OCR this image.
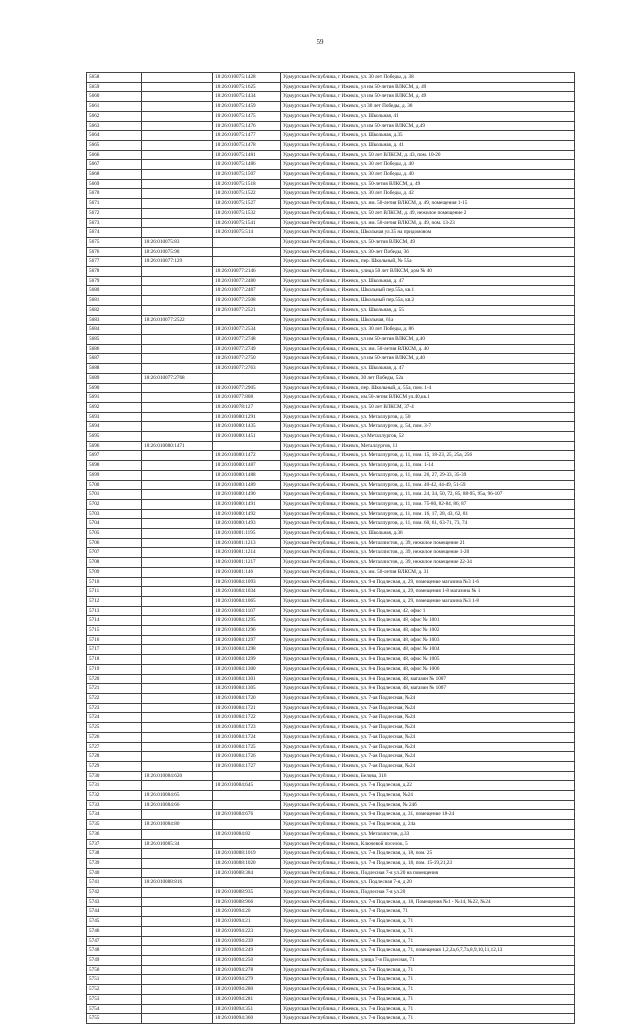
59
5658		18:26:010075:1428	Удмуртская Республика, г Ижевск, ул. 30 лет Победы, д. 38
5659		18:26:010075:1625	Удмуртская Республика, г Ижевск, ул им 50-летия ВЛКСМ, д. 49
5660		18:26:010075:1434	Удмуртская Республика, г Ижевск, ул им 50-летия ВЛКСМ, д. 49
5661		18:26:010075:1459	Удмуртская Республика, г Ижевск, ул 30 лет Победы, д. 38
5662		18:26:010075:1475	Удмуртская Республика, г Ижевск, ул. Школьная, 41
5663		18:26:010075:1476	Удмуртская Республика, г Ижевск, ул им 50-летия ВЛКСМ, д.49
5664		18:26:010075:1477	Удмуртская Республика, г Ижевск, ул. Школьная, д.35
5665		18:26:010075:1478	Удмуртская Республика, г Ижевск, ул. Школьная, д. 41
5666		18:26:010075:1481	Удмуртская Республика, г Ижевск, ул. 50 лет ВЛКСМ, д. 43, пом. 10-20
5667		18:26:010075:1486	Удмуртская Республика, г Ижевск, ул. 30 лет Победы, д. 40
5668		18:26:010075:1507	Удмуртская Республика, г Ижевск, ул. 30 лет Победы, д. 40
5669		18:26:010075:1518	Удмуртская Республика, г Ижевск, ул. 50-летия ВЛКСМ, д. 49
5670		18:26:010075:1522	Удмуртская Республика, г Ижевск, ул. 30 лет Победы, д. 42
5671		18:26:010075:1527	Удмуртская Республика, г Ижевск, ул. им. 50-летия ВЛКСМ, д. 49, помещения 1-15
5672		18:26:010075:1532	Удмуртская Республика, г Ижевск, ул. 50 лет ВЛКСМ, д. 49, нежилое помещение 2
5673		18:26:010075:1541	Удмуртская Республика, г Ижевск, ул. им. 50-летия ВЛКСМ, д. 49, пом. 13-23
5674		18:26:010075:514	Удмуртская Республика, г Ижевск, Школьная ул.35 на придомовом
5675	18:26:010075:83		Удмуртская Республика, г Ижевск, ул. 50-летия ВЛКСМ, 49
5676	18:26:010075:98		Удмуртская Республика, г Ижевск, ул. 30-лет Победы, 36
5677	18:26:010077:129		Удмуртская Республика, г Ижевск, пер. Школьный, № 55а
5678		18:26:010077:2146	Удмуртская Республика, г Ижевск, улица 50 лет ВЛКСМ, дом № 40
5679		18:26:010077:2480	Удмуртская Республика, г Ижевск, ул. Школьная, д. 47
5680		18:26:010077:2487	Удмуртская Республика, г Ижевск, Школьный пер.55а, кв.1
5681		18:26:010077:2508	Удмуртская Республика, г Ижевск, Школьный пер.55а, кв.2
5682		18:26:010077:2521	Удмуртская Республика, г Ижевск, ул. Школьная, д. 55
5683	18:26:010077:2522		Удмуртская Республика, г Ижевск, Школьная, 61а
5684		18:26:010077:2534	Удмуртская Республика, г Ижевск, ул. 30 лет Победы, д. 86
5685		18:26:010077:2748	Удмуртская Республика, г Ижевск, ул им 50-летия ВЛКСМ, д.40
5686		18:26:010077:2749	Удмуртская Республика, г Ижевск, ул. им. 50-летия ВЛКСМ, д. 40
5687		18:26:010077:2750	Удмуртская Республика, г Ижевск, ул им 50-летия ВЛКСМ, д.40
5688		18:26:010077:2763	Удмуртская Республика, г Ижевск, ул. Школьная, д. 47
5689	18:26:010077:2768		Удмуртская Республика, г Ижевск, 30 лет Победы, 52а
5690		18:26:010077:2905	Удмуртская Республика, г Ижевск, пер. Школьный, д. 55а, пом. 1-4
5691		18:26:010077:808	Удмуртская Республика, г Ижевск, им.50-летия ВЛКСМ ул.40,кв.1
5692		18:26:010078:127	Удмуртская Республика, г Ижевск, ул. 50 лет ВЛКСМ, 37-4
5693		18:26:010080:1291	Удмуртская Республика, г Ижевск, ул. Металлургов, д. 50
5694		18:26:010080:1435	Удмуртская Республика, г Ижевск, ул. Металлургов, д. 54, пом. 3-7
5695		18:26:010080:1451	Удмуртская Республика, г Ижевск, ул Металлургов, 52
5696	18:26:010080:1471		Удмуртская Республика, г Ижевск, Металлургов, 11
5697		18:26:010080:1472	Удмуртская Республика, г Ижевск, ул. Металлургов, д. 11, пом. 15, 18-23, 25, 25а, 256
5698		18:26:010080:1487	Удмуртская Республика, г Ижевск, ул. Металлургов, д. 11, пом. 1-14
5699		18:26:010080:1488	Удмуртская Республика, г Ижевск, ул. Металлургов, д. 11, пом. 26, 27, 29-33, 35-39
5700		18:26:010080:1489	Удмуртская Республика, г Ижевск, ул. Металлургов, д. 11, пом. 40-42, 44-49, 51-59
5701		18:26:010080:1490	Удмуртская Республика, г Ижевск, ул. Металлургов, д. 11, пом. 24, 34, 50, 72, 85, 88-95, 95а, 96-107
5702		18:26:010080:1491	Удмуртская Республика, г Ижевск, ул. Металлургов, д. 11, пом. 75-80, 82-84, 86, 87
5703		18:26:010080:1492	Удмуртская Республика, г Ижевск, ул. Металлургов, д. 11, пом. 16, 17, 28, 43, 62, 81
5704		18:26:010080:1493	Удмуртская Республика, г Ижевск, ул. Металлургов, д. 11, пом. 60, 61, 63-71, 73, 74
5705		18:26:010081:1195	Удмуртская Республика, г Ижевск, ул. Школьная, д.36
5706		18:26:010081:1213	Удмуртская Республика, г Ижевск, ул. Металлистов, д. 39, нежилое помещение 21
5707		18:26:010081:1214	Удмуртская Республика, г Ижевск, ул. Металлистов, д. 39, нежилое помещение 1-20
5708		18:26:010081:1217	Удмуртская Республика, г Ижевск, ул. Металлистов, д. 39, нежилое помещение 22-34
5709		18:26:010081:146	Удмуртская Республика, г Ижевск, ул. им. 50-летия ВЛКСМ, д. 31
5710		18:26:010084:1093	Удмуртская Республика, г Ижевск, ул. 9-я Подлесная, д. 29, помещение магазина №3 1-6
5711		18:26:010084:1034	Удмуртская Республика, г Ижевск, ул. 9-я Подлесная, д. 29, помещения 1-8 магазина № 1
5712		18:26:010084:1065	Удмуртская Республика, г Ижевск, ул. 9-я Подлесная, д. 29, помещение магазина №3 1-8
5713		18:26:010084:1107	Удмуртская Республика, г Ижевск, ул. 8-я Подлесная, 42, офис 1
5714		18:26:010084:1295	Удмуртская Республика, г Ижевск, ул. 8-я Подлесная, 48, офис № 1001
5715		18:26:010084:1296	Удмуртская Республика, г Ижевск, ул. 8-я Подлесная, 48, офис № 1002
5716		18:26:010084:1297	Удмуртская Республика, г Ижевск, ул. 8-я Подлесная, 48, офис № 1003
5717		18:26:010084:1298	Удмуртская Республика, г Ижевск, ул. 8-я Подлесная, 48, офис № 1004
5718		18:26:010084:1299	Удмуртская Республика, г Ижевск, ул. 8-я Подлесная, 48, офис № 1005
5719		18:26:010084:1300	Удмуртская Республика, г Ижевск, ул. 8-я Подлесная, 48, офис № 1006
5720		18:26:010084:1301	Удмуртская Республика, г Ижевск, ул. 8-я Подлесная, 48, магазин № 1007
5721		18:26:010084:1305	Удмуртская Республика, г Ижевск, ул. 8-я Подлесная, 48, магазин № 1007
5722		18:26:010084:1720	Удмуртская Республика, г Ижевск, ул. 7-ая Подлесная, №24
5723		18:26:010084:1721	Удмуртская Республика, г Ижевск, ул. 7-ая Подлесная, №24
5724		18:26:010084:1722	Удмуртская Республика, г Ижевск, ул. 7-ая Подлесная, №24
5725		18:26:010084:1723	Удмуртская Республика, г Ижевск, ул. 7-ая Подлесная, №24
5726		18:26:010084:1724	Удмуртская Республика, г Ижевск, ул. 7-ая Подлесная, №24
5727		18:26:010084:1725	Удмуртская Республика, г Ижевск, ул. 7-ая Подлесная, №24
5728		18:26:010084:1726	Удмуртская Республика, г Ижевск, ул. 7-ая Подлесная, №24
5729		18:26:010084:1727	Удмуртская Республика, г Ижевск, ул. 7-ая Подлесная, №24
5730	18:26:010084:620		Удмуртская Республика, г Ижевск, Белова, 316
5731		18:26:010084:645	Удмуртская Республика, г Ижевск, ул. 7-я Подлесная, д.22
5732	18:26:010084:65		Удмуртская Республика, г Ижевск, ул. 7-я Подлесная, №24
5733	18:26:010084:66		Удмуртская Республика, г Ижевск, ул. 7-я Подлесная, № 24б
5734		18:26:010084:676	Удмуртская Республика, г Ижевск, ул. 9-я Подлесная, д. 31, помещение 18-24
5735	18:26:010084:80		Удмуртская Республика, г Ижевск, ул. 7-я Подлесная, д. 24а
5736		18:26:010084:82	Удмуртская Республика, г Ижевск, ул. Металлистов, д.33
5737	18:26:010085:34		Удмуртская Республика, г Ижевск, Ключевой поселок, 5
5738		18:26:010088:1019	Удмуртская Республика, г Ижевск, ул. 7-я Подлесная, д. 18, пом. 25
5739		18:26:010088:1020	Удмуртская Республика, г Ижевск, ул. 7-я Подлесная, д. 18, пом. 15-19,21,23
5740		18:26:010088:384	Удмуртская Республика, г Ижевск, Подлесная 7-я ул.20 на помещения
5741	18:26:010088:816		Удмуртская Республика, г Ижевск, ул. Подлесная 7-я, д 20
5742		18:26:010088:935	Удмуртская Республика, г Ижевск, Подлесная 7-я ул.20
5743		18:26:010088:966	Удмуртская Республика, г Ижевск, ул. 7-я Подлесная, д. 18, Помещения №1 - №14, №22, №24
5744		18:26:010094:20	Удмуртская Республика, г Ижевск, ул. 7-я Подлесная, 71
5745		18:26:010094:21	Удмуртская Республика, г Ижевск, ул. 7-я Подлесная, д. 71
5746		18:26:010094:223	Удмуртская Республика, г Ижевск, ул. 7-я Подлесная, д. 71
5747		18:26:010094:239	Удмуртская Республика, г Ижевск, ул. 7-я Подлесная, д. 71
5748		18:26:010094:249	Удмуртская Республика, г Ижевск, ул. 7-я Подлесная, д. 71, помещения 1,2,2а,6,7,7а,8,9,10,11,12,13
5749		18:26:010094:250	Удмуртская Республика, г Ижевск, улица 7-я Подлесная, 71
5750		18:26:010094:278	Удмуртская Республика, г Ижевск, ул. 7-я Подлесная, д. 71
5751		18:26:010094:279	Удмуртская Республика, г Ижевск, ул. 7-я Подлесная, д. 71
5752		18:26:010094:280	Удмуртская Республика, г Ижевск, ул. 7-я Подлесная, д. 71
5753		18:26:010094:281	Удмуртская Республика, г Ижевск, ул. 7-я Подлесная, д. 71
5754		18:26:010094:351	Удмуртская Республика, г Ижевск, ул. 7-я Подлесная, д. 71
5755		18:26:010094:360	Удмуртская Республика, г Ижевск, ул. 7-я Подлесная, д. 71
